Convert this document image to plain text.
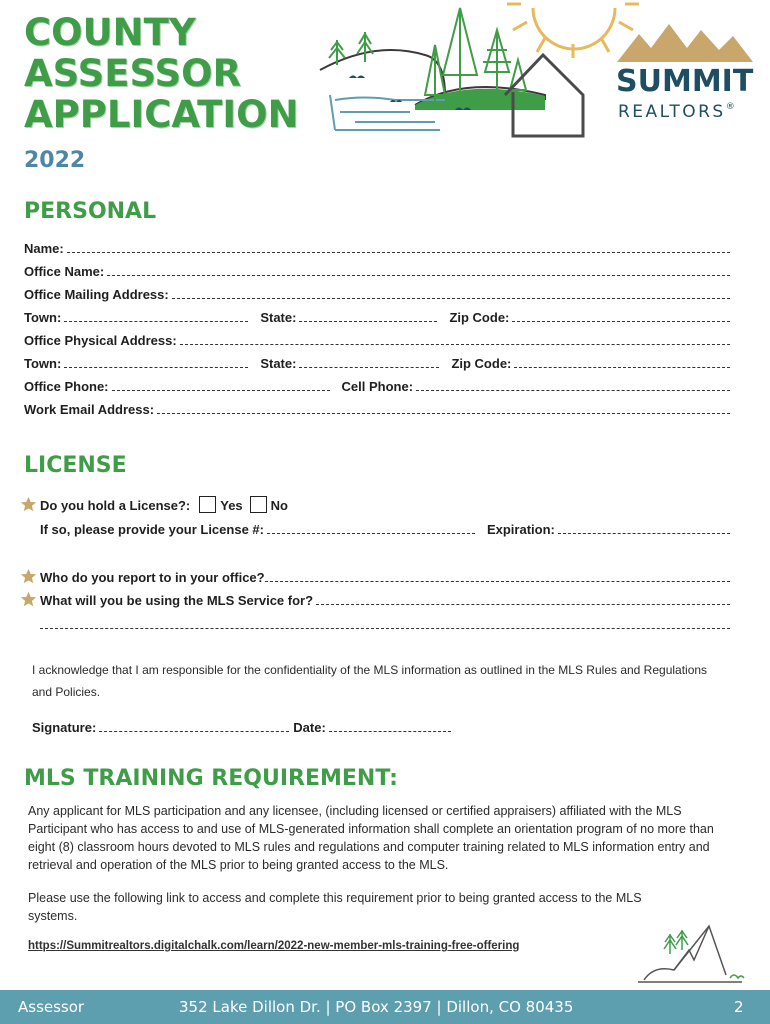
COUNTY
ASSESSOR
APPLICATION
2022
SUMMIT
REALTORS®
PERSONAL
Name:
Office Name:
Office Mailing Address:
Town:	State:	Zip Code:
Office Physical Address:
Town:	State:	Zip Code:
Office Phone:	Cell Phone:
Work Email Address:
LICENSE
Do you hold a License?: Yes No
If so, please provide your License #:	Expiration:
Who do you report to in your office?
What will you be using the MLS Service for?
I acknowledge that I am responsible for the confidentiality of the MLS information as outlined in the MLS Rules and Regulations and Policies.
Signature:	Date:
MLS TRAINING REQUIREMENT:
Any applicant for MLS participation and any licensee, (including licensed or certified appraisers) affiliated with the MLS Participant who has access to and use of MLS-generated information shall complete an orientation program of no more than eight (8) classroom hours devoted to MLS rules and regulations and computer training related to MLS information entry and retrieval and operation of the MLS prior to being granted access to the MLS.
Please use the following link to access and complete this requirement prior to being granted access to the MLS systems.
https://Summitrealtors.digitalchalk.com/learn/2022-new-member-mls-training-free-offering
Assessor	352 Lake Dillon Dr. | PO Box 2397 | Dillon, CO 80435	2
